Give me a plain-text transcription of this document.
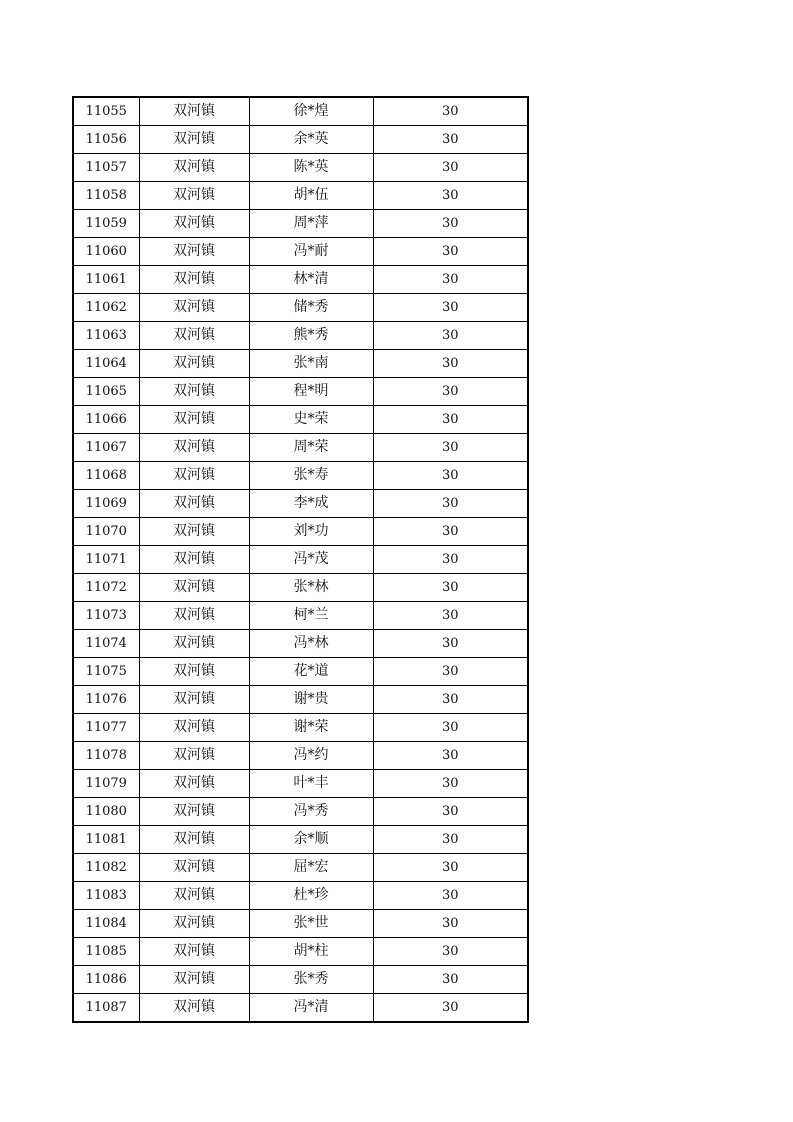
11055	双河镇	徐*煌	30
11056	双河镇	余*英	30
11057	双河镇	陈*英	30
11058	双河镇	胡*伍	30
11059	双河镇	周*萍	30
11060	双河镇	冯*耐	30
11061	双河镇	林*清	30
11062	双河镇	储*秀	30
11063	双河镇	熊*秀	30
11064	双河镇	张*南	30
11065	双河镇	程*明	30
11066	双河镇	史*荣	30
11067	双河镇	周*荣	30
11068	双河镇	张*寿	30
11069	双河镇	李*成	30
11070	双河镇	刘*功	30
11071	双河镇	冯*茂	30
11072	双河镇	张*林	30
11073	双河镇	柯*兰	30
11074	双河镇	冯*林	30
11075	双河镇	花*道	30
11076	双河镇	谢*贵	30
11077	双河镇	谢*荣	30
11078	双河镇	冯*约	30
11079	双河镇	叶*丰	30
11080	双河镇	冯*秀	30
11081	双河镇	余*顺	30
11082	双河镇	屈*宏	30
11083	双河镇	杜*珍	30
11084	双河镇	张*世	30
11085	双河镇	胡*柱	30
11086	双河镇	张*秀	30
11087	双河镇	冯*清	30
